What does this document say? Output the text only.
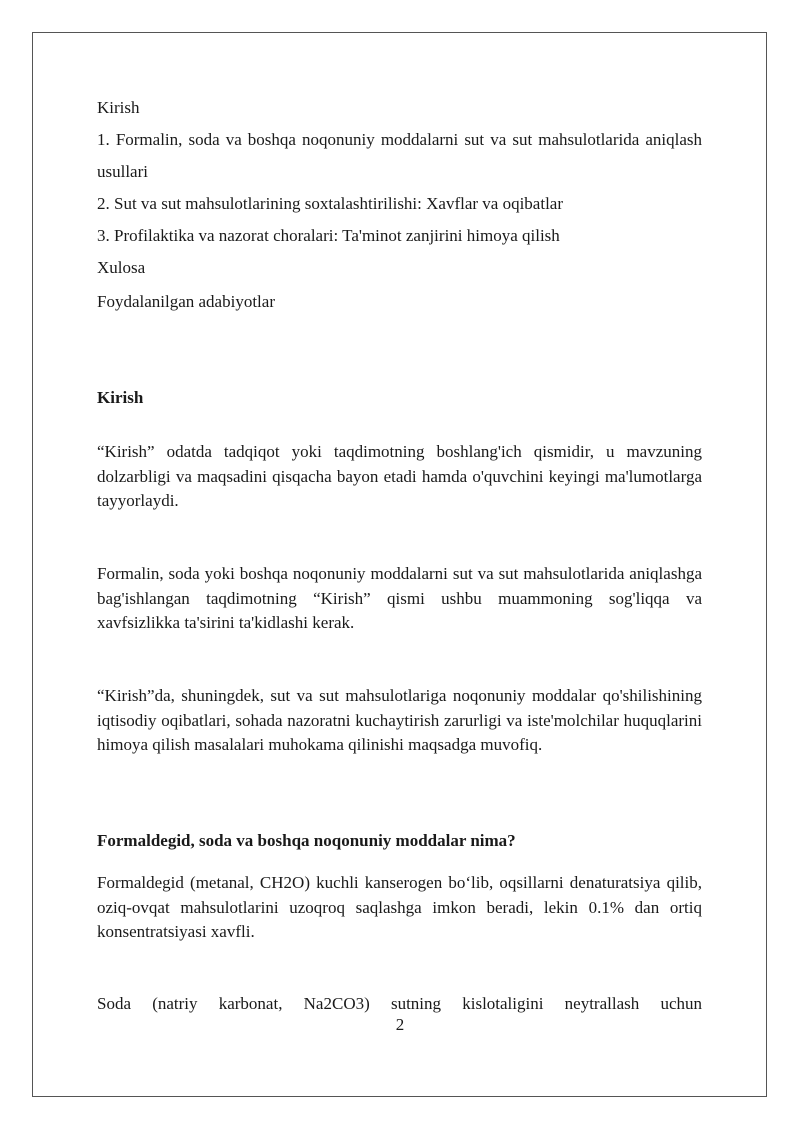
Kirish
1. Formalin, soda va boshqa noqonuniy moddalarni sut va sut mahsulotlarida aniqlash usullari
2. Sut va sut mahsulotlarining soxtalashtirilishi: Xavflar va oqibatlar
3. Profilaktika va nazorat choralari: Ta'minot zanjirini himoya qilish
Xulosa
Foydalanilgan adabiyotlar
Kirish
“Kirish” odatda tadqiqot yoki taqdimotning boshlang'ich qismidir, u mavzuning dolzarbligi va maqsadini qisqacha bayon etadi hamda o'quvchini keyingi ma'lumotlarga tayyorlaydi.
Formalin, soda yoki boshqa noqonuniy moddalarni sut va sut mahsulotlarida aniqlashga bag'ishlangan taqdimotning “Kirish” qismi ushbu muammoning sog'liqqa va xavfsizlikka ta'sirini ta'kidlashi kerak.
“Kirish”da, shuningdek, sut va sut mahsulotlariga noqonuniy moddalar qo'shilishining iqtisodiy oqibatlari, sohada nazoratni kuchaytirish zarurligi va iste'molchilar huquqlarini himoya qilish masalalari muhokama qilinishi maqsadga muvofiq.
Formaldegid, soda va boshqa noqonuniy moddalar nima?
Formaldegid (metanal, CH2O) kuchli kanserogen bo‘lib, oqsillarni denaturatsiya qilib, oziq-ovqat mahsulotlarini uzoqroq saqlashga imkon beradi, lekin 0.1% dan ortiq konsentratsiyasi xavfli.
Soda (natriy karbonat, Na2CO3) sutning kislotaligini neytrallash uchun
2
